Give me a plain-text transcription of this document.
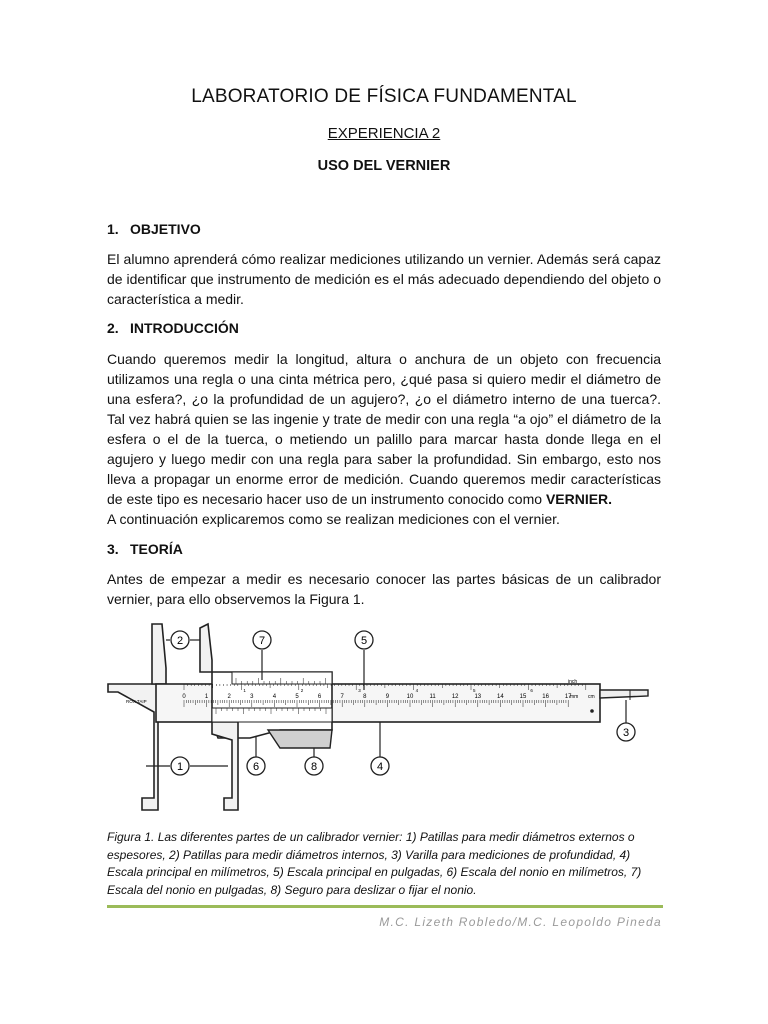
LABORATORIO DE FÍSICA FUNDAMENTAL
EXPERIENCIA 2
USO DEL VERNIER
1. OBJETIVO

El alumno aprenderá cómo realizar mediciones utilizando un vernier. Además será capaz de identificar que instrumento de medición es el más adecuado dependiendo del objeto o característica a medir.

2. INTRODUCCIÓN

Cuando queremos medir la longitud, altura o anchura de un objeto con frecuencia utilizamos una regla o una cinta métrica pero, ¿qué pasa si quiero medir el diámetro de una esfera?, ¿o la profundidad de un agujero?, ¿o el diámetro interno de una tuerca?. Tal vez habrá quien se las ingenie y trate de medir con una regla “a ojo” el diámetro de la esfera o el de la tuerca, o metiendo un palillo para marcar hasta donde llega en el agujero y luego medir con una regla para saber la profundidad. Sin embargo, esto nos lleva a propagar un enorme error de medición. Cuando queremos medir características de este tipo es necesario hacer uso de un instrumento conocido como VERNIER.

A continuación explicaremos como se realizan mediciones con el vernier.

3. TEORÍA

Antes de empezar a medir es necesario conocer las partes básicas de un calibrador vernier, para ello observemos la Figura 1.

0	1	2	3	4	5	6	7	8	9	10	11	12	13	14	15	16	17
1	2	3	4	5	6
ROX TAIP
inch
mm cm
2	7	5
3
1	6	8	4

Figura 1. Las diferentes partes de un calibrador vernier: 1) Patillas para medir diámetros externos o espesores, 2) Patillas para medir diámetros internos, 3) Varilla para mediciones de profundidad, 4) Escala principal en milímetros, 5) Escala principal en pulgadas, 6) Escala del nonio en milímetros, 7) Escala del nonio en pulgadas, 8) Seguro para deslizar o fijar el nonio.

M.C. Lizeth Robledo/M.C. Leopoldo Pineda
